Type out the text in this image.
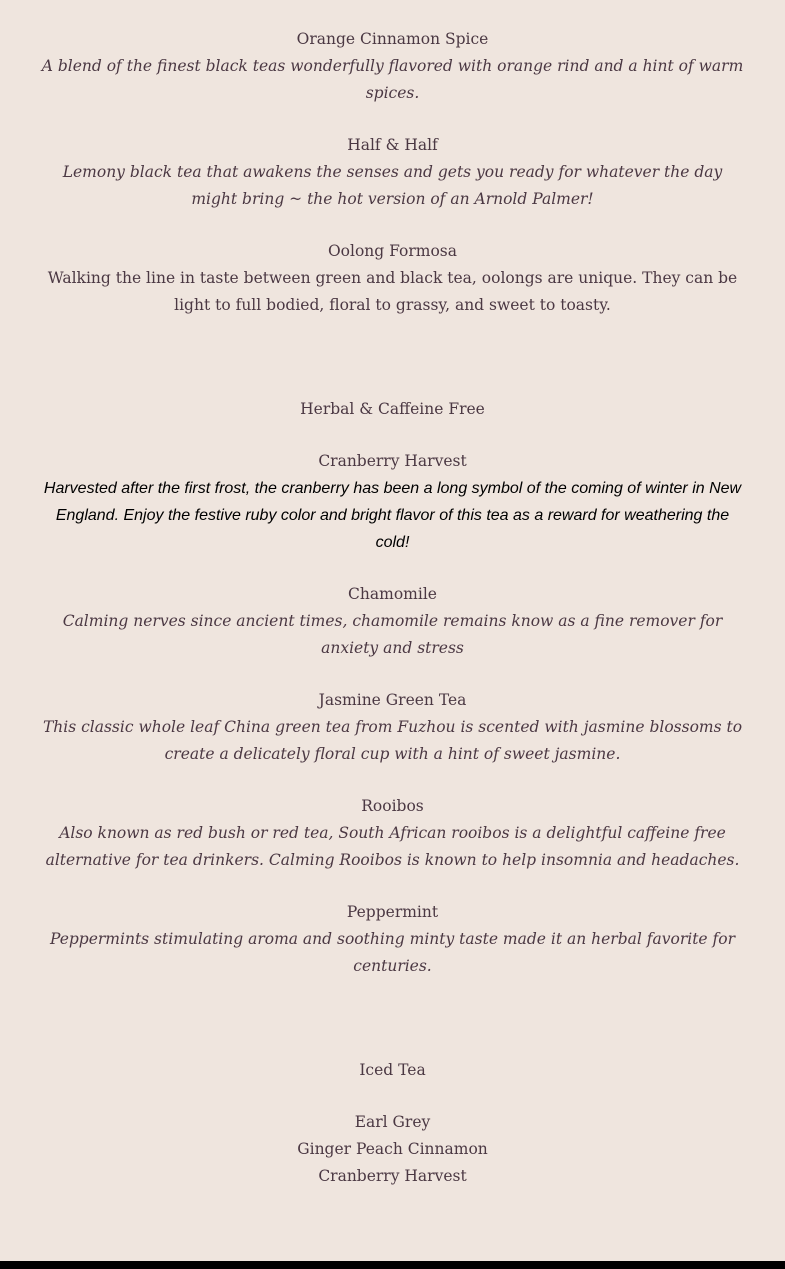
Orange Cinnamon Spice

A blend of the finest black teas wonderfully flavored with orange rind and a hint of warm spices.

Half & Half

Lemony black tea that awakens the senses and gets you ready for whatever the day might bring ~ the hot version of an Arnold Palmer!

Oolong Formosa

Walking the line in taste between green and black tea, oolongs are unique. They can be light to full bodied, floral to grassy, and sweet to toasty.

Herbal & Caffeine Free

Cranberry Harvest

Harvested after the first frost, the cranberry has been a long symbol of the coming of winter in New England. Enjoy the festive ruby color and bright flavor of this tea as a reward for weathering the cold!

Chamomile

Calming nerves since ancient times, chamomile remains know as a fine remover for anxiety and stress

Jasmine Green Tea

This classic whole leaf China green tea from Fuzhou is scented with jasmine blossoms to create a delicately floral cup with a hint of sweet jasmine.

Rooibos

Also known as red bush or red tea, South African rooibos is a delightful caffeine free alternative for tea drinkers. Calming Rooibos is known to help insomnia and headaches.

Peppermint

Peppermints stimulating aroma and soothing minty taste made it an herbal favorite for centuries.

Iced Tea

Earl Grey

Ginger Peach Cinnamon

Cranberry Harvest
